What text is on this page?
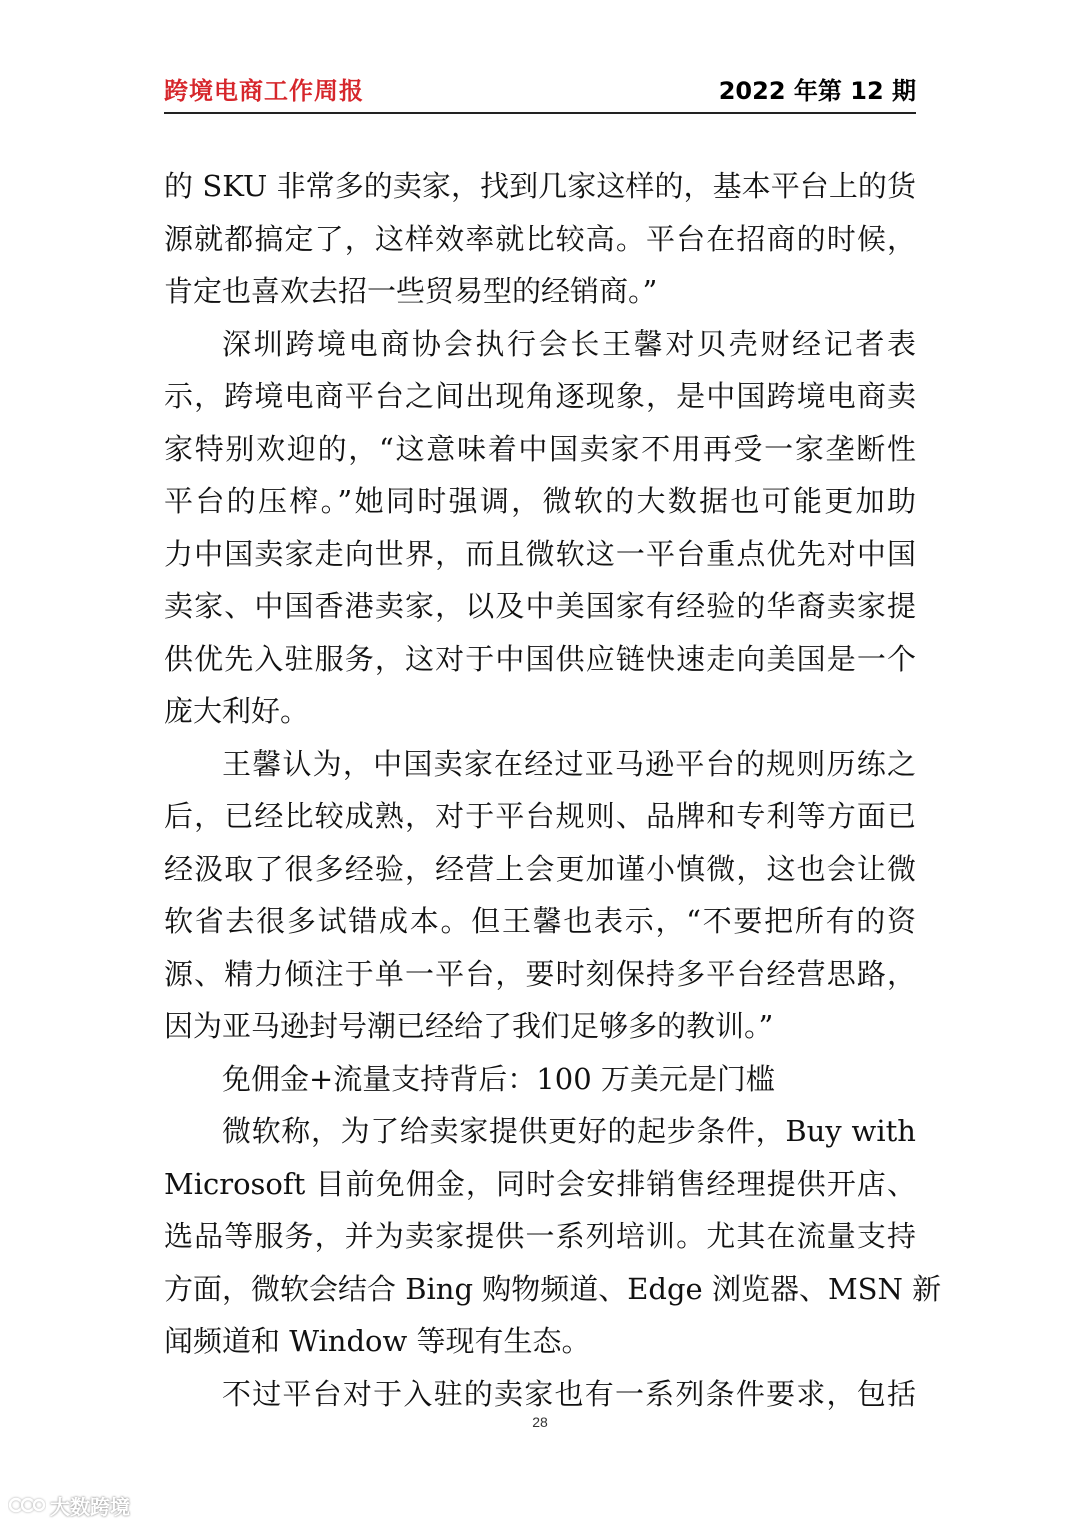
跨境电商工作周报	2022 年第 12 期
的 SKU 非常多的卖家，找到几家这样的，基本平台上的货
源就都搞定了，这样效率就比较高。平台在招商的时候，
肯定也喜欢去招一些贸易型的经销商。”
深圳跨境电商协会执行会长王馨对贝壳财经记者表
示，跨境电商平台之间出现角逐现象，是中国跨境电商卖
家特别欢迎的，“这意味着中国卖家不用再受一家垄断性
平台的压榨。”她同时强调，微软的大数据也可能更加助
力中国卖家走向世界，而且微软这一平台重点优先对中国
卖家、中国香港卖家，以及中美国家有经验的华裔卖家提
供优先入驻服务，这对于中国供应链快速走向美国是一个
庞大利好。
王馨认为，中国卖家在经过亚马逊平台的规则历练之
后，已经比较成熟，对于平台规则、品牌和专利等方面已
经汲取了很多经验，经营上会更加谨小慎微，这也会让微
软省去很多试错成本。但王馨也表示，“不要把所有的资
源、精力倾注于单一平台，要时刻保持多平台经营思路，
因为亚马逊封号潮已经给了我们足够多的教训。”
免佣金+流量支持背后：100 万美元是门槛
微软称，为了给卖家提供更好的起步条件，Buy with
Microsoft 目前免佣金，同时会安排销售经理提供开店、
选品等服务，并为卖家提供一系列培训。尤其在流量支持
方面，微软会结合 Bing 购物频道、Edge 浏览器、MSN 新
闻频道和 Window 等现有生态。
不过平台对于入驻的卖家也有一系列条件要求，包括
28
大数跨境
